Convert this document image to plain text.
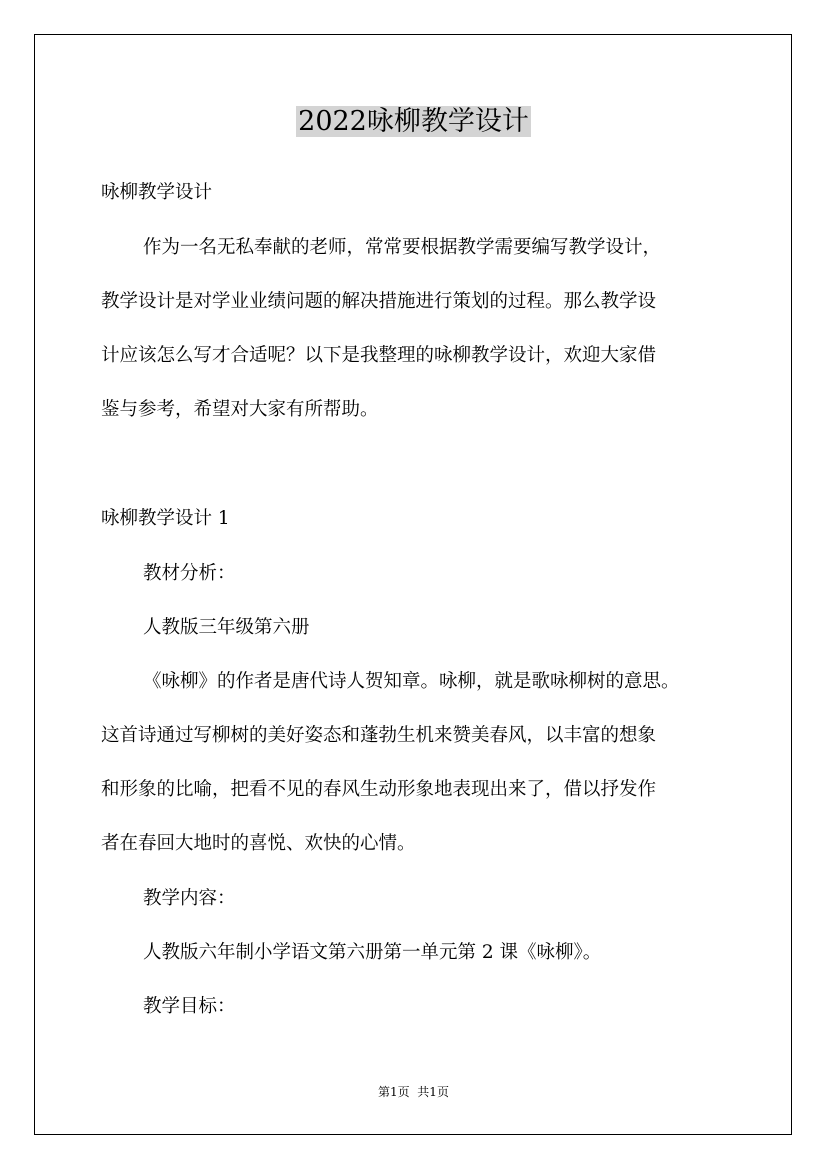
2022咏柳教学设计
咏柳教学设计
作为一名无私奉献的老师，常常要根据教学需要编写教学设计，
教学设计是对学业业绩问题的解决措施进行策划的过程。那么教学设
计应该怎么写才合适呢？以下是我整理的咏柳教学设计，欢迎大家借
鉴与参考，希望对大家有所帮助。
咏柳教学设计 1
教材分析：
人教版三年级第六册
《咏柳》的作者是唐代诗人贺知章。咏柳，就是歌咏柳树的意思。
这首诗通过写柳树的美好姿态和蓬勃生机来赞美春风，以丰富的想象
和形象的比喻，把看不见的春风生动形象地表现出来了，借以抒发作
者在春回大地时的喜悦、欢快的心情。
教学内容：
人教版六年制小学语文第六册第一单元第 2 课《咏柳》。
教学目标：
第1页  共1页
